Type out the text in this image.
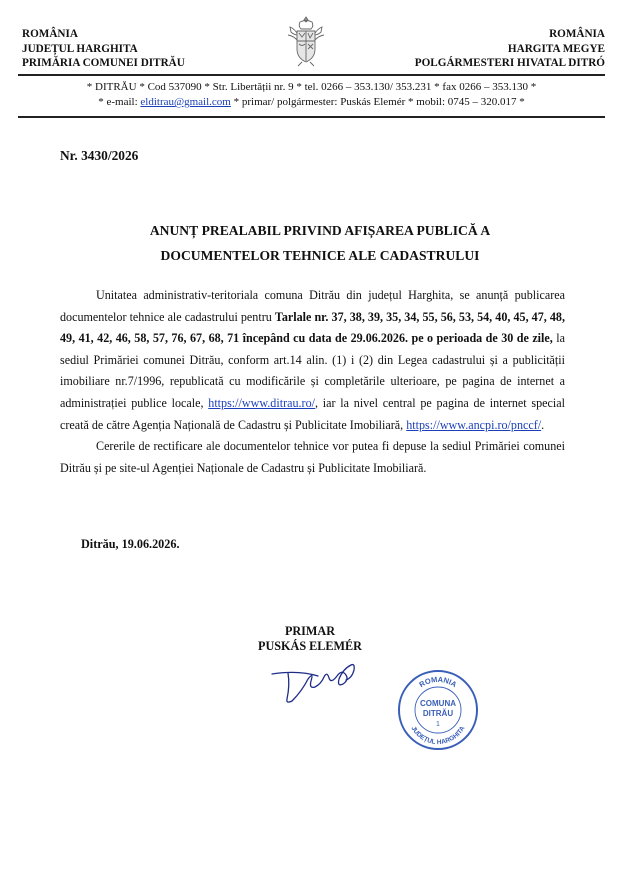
ROMÂNIA
JUDEȚUL HARGHITA
PRIMĂRIA COMUNEI DITRĂU
ROMÂNIA
HARGITA MEGYE
POLGÁRMESTERI HIVATAL DITRÓ
* DITRĂU * Cod 537090 * Str. Libertății nr. 9 * tel. 0266 – 353.130/ 353.231 * fax 0266 – 353.130 *
* e-mail: elditrau@gmail.com * primar/ polgármester: Puskás Elemér * mobil: 0745 – 320.017 *
Nr. 3430/2026
ANUNȚ PREALABIL PRIVIND AFIȘAREA PUBLICĂ A
DOCUMENTELOR TEHNICE ALE CADASTRULUI

Unitatea administrativ-teritoriala comuna Ditrău din județul Harghita, se anunță publicarea documentelor tehnice ale cadastrului pentru Tarlale nr. 37, 38, 39, 35, 34, 55, 56, 53, 54, 40, 45, 47, 48, 49, 41, 42, 46, 58, 57, 76, 67, 68, 71 începând cu data de 29.06.2026. pe o perioada de 30 de zile, la sediul Primăriei comunei Ditrău, conform art.14 alin. (1) i (2) din Legea cadastrului și a publicității imobiliare nr.7/1996, republicată cu modificările și completările ulterioare, pe pagina de internet a administrației publice locale, https://www.ditrau.ro/, iar la nivel central pe pagina de internet special creată de către Agenția Națională de Cadastru și Publicitate Imobiliară, https://www.ancpi.ro/pnccf/.

Cererile de rectificare ale documentelor tehnice vor putea fi depuse la sediul Primăriei comunei Ditrău și pe site-ul Agenției Naționale de Cadastru și Publicitate Imobiliară.

Ditrău, 19.06.2026.
PRIMAR
PUSKÁS ELEMÉR
ROMANIA
JUDEȚUL HARGHITA
COMUNA
DITRĂU
1
